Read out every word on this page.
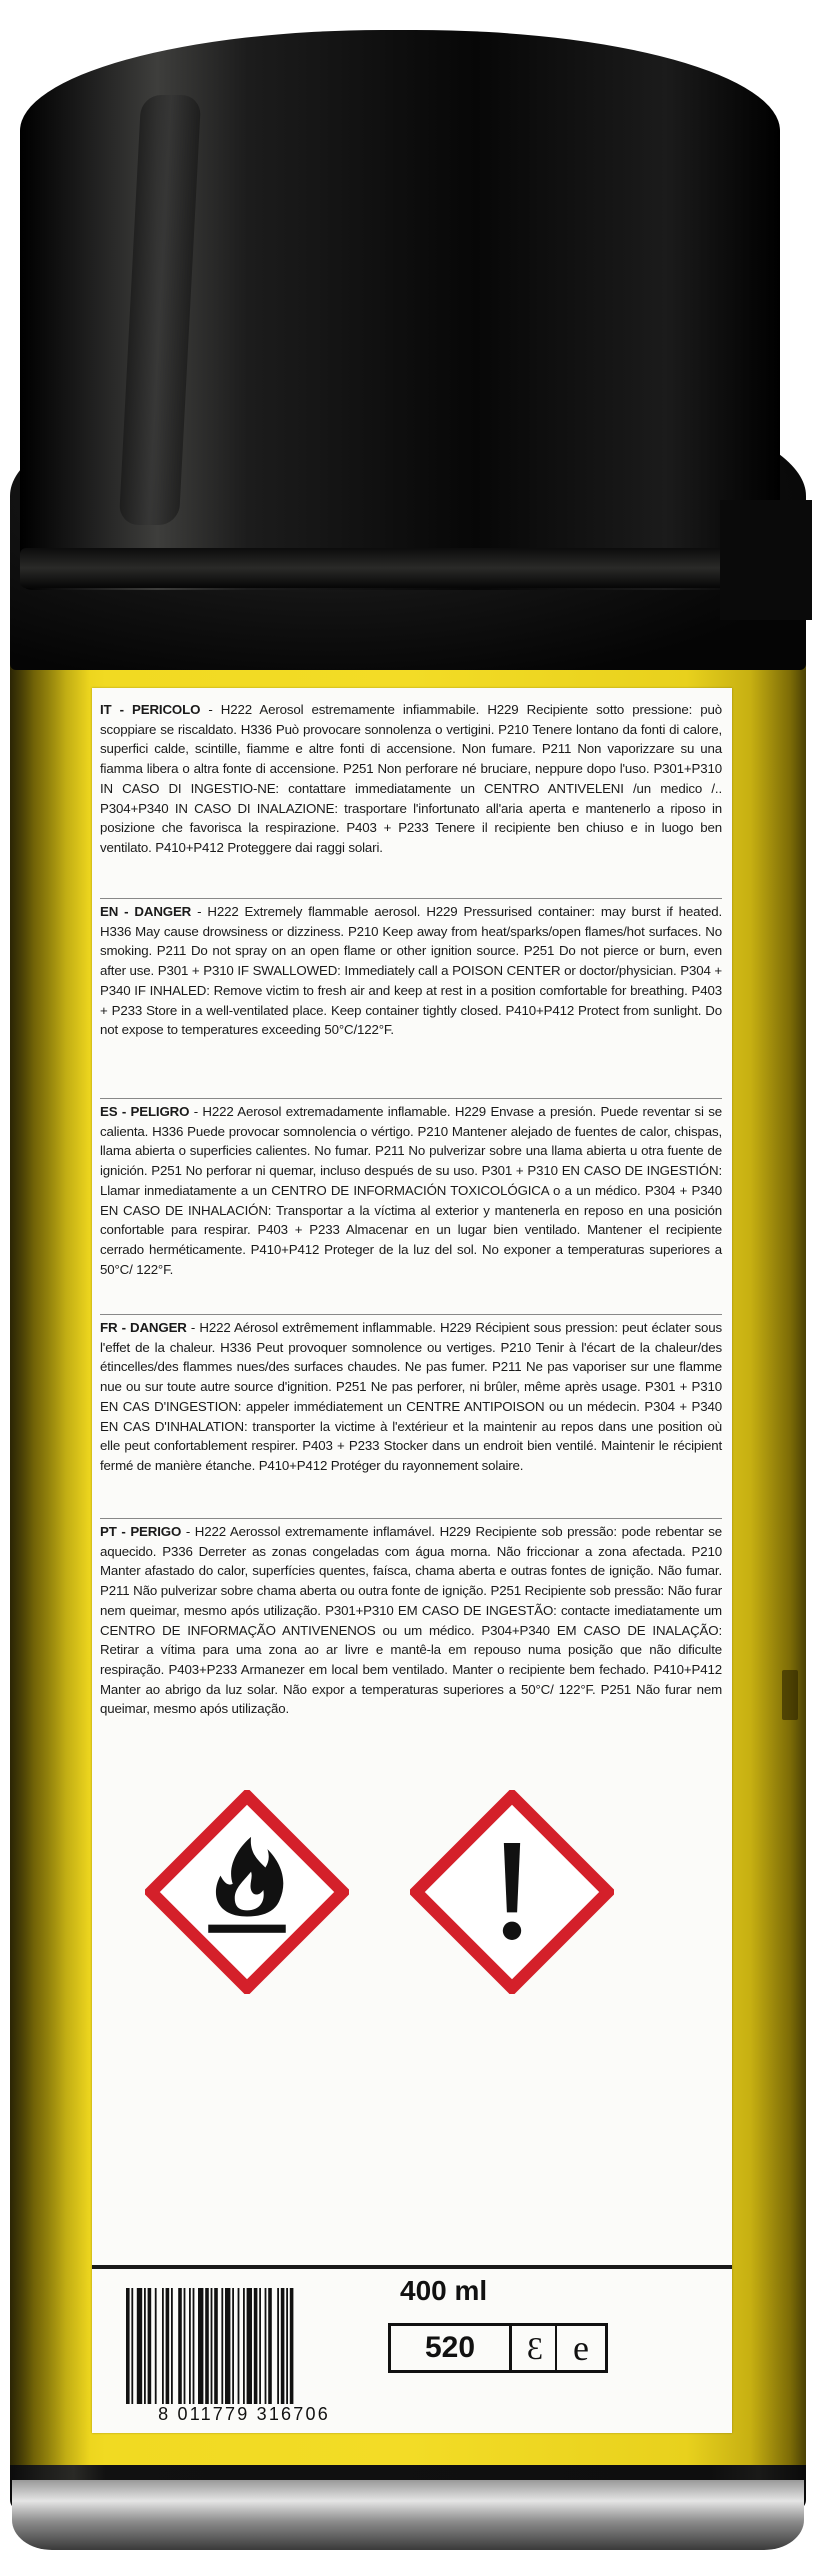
IT - PERICOLO - H222 Aerosol estremamente infiammabile. H229 Recipiente sotto pressione: può scoppiare se riscaldato. H336 Può provocare sonnolenza o vertigini. P210 Tenere lontano da fonti di calore, superfici calde, scintille, fiamme e altre fonti di accensione. Non fumare. P211 Non vaporizzare su una fiamma libera o altra fonte di accensione. P251 Non perforare né bruciare, neppure dopo l'uso. P301+P310 IN CASO DI INGESTIO-NE: contattare immediatamente un CENTRO ANTIVELENI /un medico /.. P304+P340 IN CASO DI INALAZIONE: trasportare l'infortunato all'aria aperta e mantenerlo a riposo in posizione che favorisca la respirazione. P403 + P233 Tenere il recipiente ben chiuso e in luogo ben ventilato. P410+P412 Proteggere dai raggi solari.
EN - DANGER - H222 Extremely flammable aerosol. H229 Pressurised container: may burst if heated. H336 May cause drowsiness or dizziness. P210 Keep away from heat/sparks/open flames/hot surfaces. No smoking. P211 Do not spray on an open flame or other ignition source. P251 Do not pierce or burn, even after use. P301 + P310 IF SWALLOWED: Immediately call a POISON CENTER or doctor/physician. P304 + P340 IF INHALED: Remove victim to fresh air and keep at rest in a position comfortable for breathing. P403 + P233 Store in a well-ventilated place. Keep container tightly closed. P410+P412 Protect from sunlight. Do not expose to temperatures exceeding 50°C/122°F.
ES - PELIGRO - H222 Aerosol extremadamente inflamable. H229 Envase a presión. Puede reventar si se calienta. H336 Puede provocar somnolencia o vértigo. P210 Mantener alejado de fuentes de calor, chispas, llama abierta o superficies calientes. No fumar. P211 No pulverizar sobre una llama abierta u otra fuente de ignición. P251 No perforar ni quemar, incluso después de su uso. P301 + P310 EN CASO DE INGESTIÓN: Llamar inmediatamente a un CENTRO DE INFORMACIÓN TOXICOLÓGICA o a un médico. P304 + P340 EN CASO DE INHALACIÓN: Transportar a la víctima al exterior y mantenerla en reposo en una posición confortable para respirar. P403 + P233 Almacenar en un lugar bien ventilado. Mantener el recipiente cerrado herméticamente. P410+P412 Proteger de la luz del sol. No exponer a temperaturas superiores a 50°C/ 122°F.
FR - DANGER - H222 Aérosol extrêmement inflammable. H229 Récipient sous pression: peut éclater sous l'effet de la chaleur. H336 Peut provoquer somnolence ou vertiges. P210 Tenir à l'écart de la chaleur/des étincelles/des flammes nues/des surfaces chaudes. Ne pas fumer. P211 Ne pas vaporiser sur une flamme nue ou sur toute autre source d'ignition. P251 Ne pas perforer, ni brûler, même après usage. P301 + P310 EN CAS D'INGESTION: appeler immédiatement un CENTRE ANTIPOISON ou un médecin. P304 + P340 EN CAS D'INHALATION: transporter la victime à l'extérieur et la maintenir au repos dans une position où elle peut confortablement respirer. P403 + P233 Stocker dans un endroit bien ventilé. Maintenir le récipient fermé de manière étanche. P410+P412 Protéger du rayonnement solaire.
PT - PERIGO - H222 Aerossol extremamente inflamável. H229 Recipiente sob pressão: pode rebentar se aquecido. P336 Derreter as zonas congeladas com água morna. Não friccionar a zona afectada. P210 Manter afastado do calor, superfícies quentes, faísca, chama aberta e outras fontes de ignição. Não fumar. P211 Não pulverizar sobre chama aberta ou outra fonte de ignição. P251 Recipiente sob pressão: Não furar nem queimar, mesmo após utilização. P301+P310 EM CASO DE INGESTÃO: contacte imediatamente um CENTRO DE INFORMAÇÃO ANTIVENENOS ou um médico. P304+P340 EM CASO DE INALAÇÃO: Retirar a vítima para uma zona ao ar livre e mantê-la em repouso numa posição que não dificulte respiração. P403+P233 Armanezer em local bem ventilado. Manter o recipiente bem fechado. P410+P412 Manter ao abrigo da luz solar. Não expor a temperaturas superiores a 50°C/ 122°F. P251 Não furar nem queimar, mesmo após utilização.
8 011779 316706
400 ml
520	3 e
